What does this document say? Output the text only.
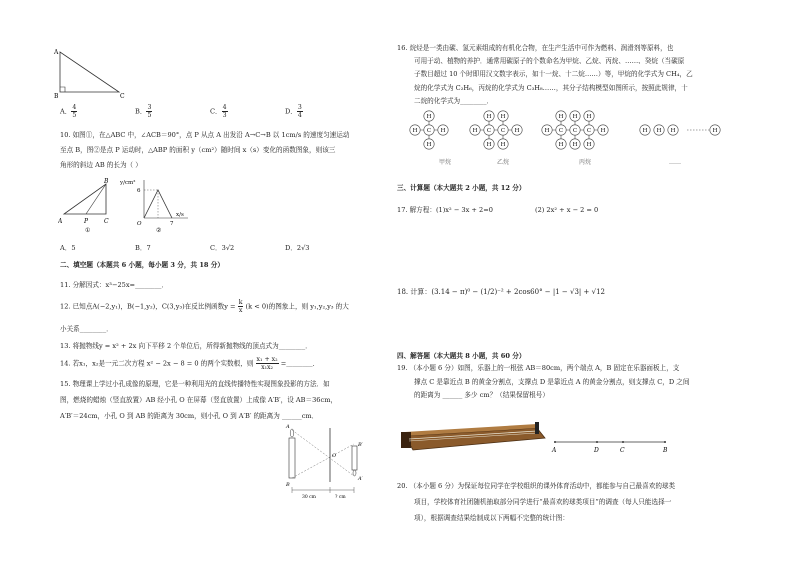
A
B	C
A． $\frac{4}{5}$	B． $\frac{3}{5}$	C． $\frac{4}{3}$	D． $\frac{3}{4}$
10. 如图①，在△ABC 中，∠ACB＝90°，点 P 从点 A 出发沿 A→C→B 以 1cm/s 的速度匀速运动
至点 B，图②是点 P 运动时，△ABP 的面积 y（cm²）随时间 x（s）变化的函数图象，则该三
角形的斜边 AB 的长为（ ）
A	P	C
B
①
y/cm²
6
O	7
x/s
②
A．5	B．7	C．3√2	D．2√3
二、填空题（本题共 6 小题，每小题 3 分，共 18 分）
11. 分解因式：x³−25x=________．
12. 已知点A(−2,y₁)，B(−1,y₂)，C(3,y₃)在反比例函数$y = \frac{k}{x} (k < 0)$的图象上，则 y₁,y₂,y₃ 的大
小关系________．
13. 将抛物线y = x² + 2x 向下平移 2 个单位后，所得新抛物线的顶点式为________．
14. 若x₁，x₂是一元二次方程 x² − 2x − 8 = 0 的两个实数根，则 $\frac{\text{x₁ + x₂}}{\text{x₁x₂}}$ =________．
15. 物理课上学过小孔成像的原理，它是一种利用光的直线传播特性实现图象投影的方法．如
图，燃烧的蜡烛（竖直放置）AB 经小孔 O 在屏幕（竖直放置）上成像 A′B′，设 AB＝36cm，
A′B′＝24cm，小孔 O 到 AB 的距离为 30cm，则小孔 O 到 A′B′ 的距离为 ______cm．
A
B
O
B′
A′
30 cm	? cm
16. 烷烃是一类由碳、氢元素组成的有机化合物，在生产生活中可作为燃料、润滑剂等原料，也
可用于动、植物的养护．通常用碳原子的个数命名为甲烷、乙烷、丙烷、……、癸烷（当碳原
子数目超过 10 个时即用汉文数字表示，如十一烷、十二烷……）等，甲烷的化学式为 CH₄，乙
烷的化学式为 C₂H₆，丙烷的化学式为 C₃H₈……，其分子结构模型如图所示，按照此规律，十
二烷的化学式为________．
H
H
C
H
H	H
H
C
H
H
C
H
H	H
H
C
H
H
C
H
H
C
H
H	H H H	H
甲烷	乙烷	丙烷	……
三、计算题（本大题共 2 小题，共 12 分）
17. 解方程：(1)x² − 3x + 2=0	(2) 2x² + x − 2 = 0
18. 计算：(3.14 − π)⁰ − (1/2)⁻² + 2cos60° − |1 − √3| + √12
四、解答题（本大题共 8 小题，共 60 分）
19. （本小题 6 分）如图，乐器上的一根弦 AB＝80cm，两个端点 A，B 固定在乐器面板上，支
撑点 C 是靠近点 B 的黄金分割点，支撑点 D 是靠近点 A 的黄金分割点，则支撑点 C，D 之间
的距离为 ______ 多少 cm？（结果保留根号）
A	D	C	B
20. （本小题 6 分）为保证每位同学在学校组织的课外体育活动中，都能参与自己最喜欢的球类
项目，学校体育社团随机抽取部分同学进行“最喜欢的球类项目”的调查（每人只能选择一
项），根据调查结果绘制成以下两幅不完整的统计图：
